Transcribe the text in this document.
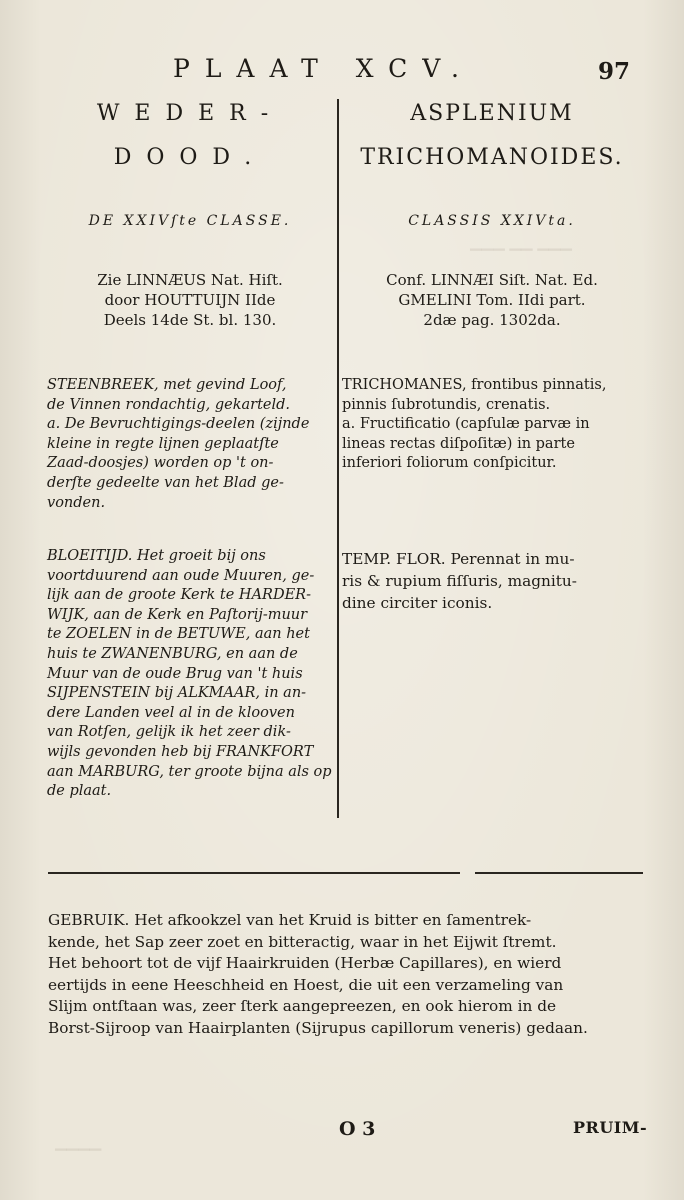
▁▁▁ ▁▁ ▁▁▁
▁▁▁▁
PLAAT XCV.	97
WEDER-
DOOD.
DE XXIVſte CLASSE.
Zie LINNÆUS Nat. Hiſt.
door HOUTTUIJN IIde
Deels 14de St. bl. 130.
STEENBREEK, met gevind Loof,
de Vinnen rondachtig, gekarteld.
a. De Bevruchtigings-deelen (zijnde
kleine in regte lijnen geplaatſte
Zaad-doosjes) worden op 't on-
derſte gedeelte van het Blad ge-
vonden.
BLOEITIJD. Het groeit bij ons
voortduurend aan oude Muuren, ge-
lijk aan de groote Kerk te HARDER-
WIJK, aan de Kerk en Paſtorij-muur
te ZOELEN in de BETUWE, aan het
huis te ZWANENBURG, en aan de
Muur van de oude Brug van 't huis
SIJPENSTEIN bij ALKMAAR, in an-
dere Landen veel al in de klooven
van Rotſen, gelijk ik het zeer dik-
wijls gevonden heb bij FRANKFORT
aan MARBURG, ter groote bijna als op
de plaat.
ASPLENIUM
TRICHOMANOIDES.
CLASSIS XXIVta.
Conf. LINNÆI Siſt. Nat. Ed.
GMELINI Tom. IIdi part.
2dæ pag. 1302da.
TRICHOMANES, frontibus pinnatis,
pinnis ſubrotundis, crenatis.
a. Fructificatio (capſulæ parvæ in
lineas rectas diſpoſitæ) in parte
inferiori foliorum conſpicitur.
TEMP. FLOR. Perennat in mu-
ris & rupium fiſſuris, magnitu-
dine circiter iconis.
GEBRUIK. Het afkookzel van het Kruid is bitter en ſamentrek-
kende, het Sap zeer zoet en bitteractig, waar in het Eijwit ſtremt.
Het behoort tot de vijf Haairkruiden (Herbæ Capillares), en wierd
eertijds in eene Heeschheid en Hoest, die uit een verzameling van
Slijm ontſtaan was, zeer ſterk aangepreezen, en ook hierom in de
Borst-Sijroop van Haairplanten (Sijrupus capillorum veneris) gedaan.
O 3	PRUIM-
